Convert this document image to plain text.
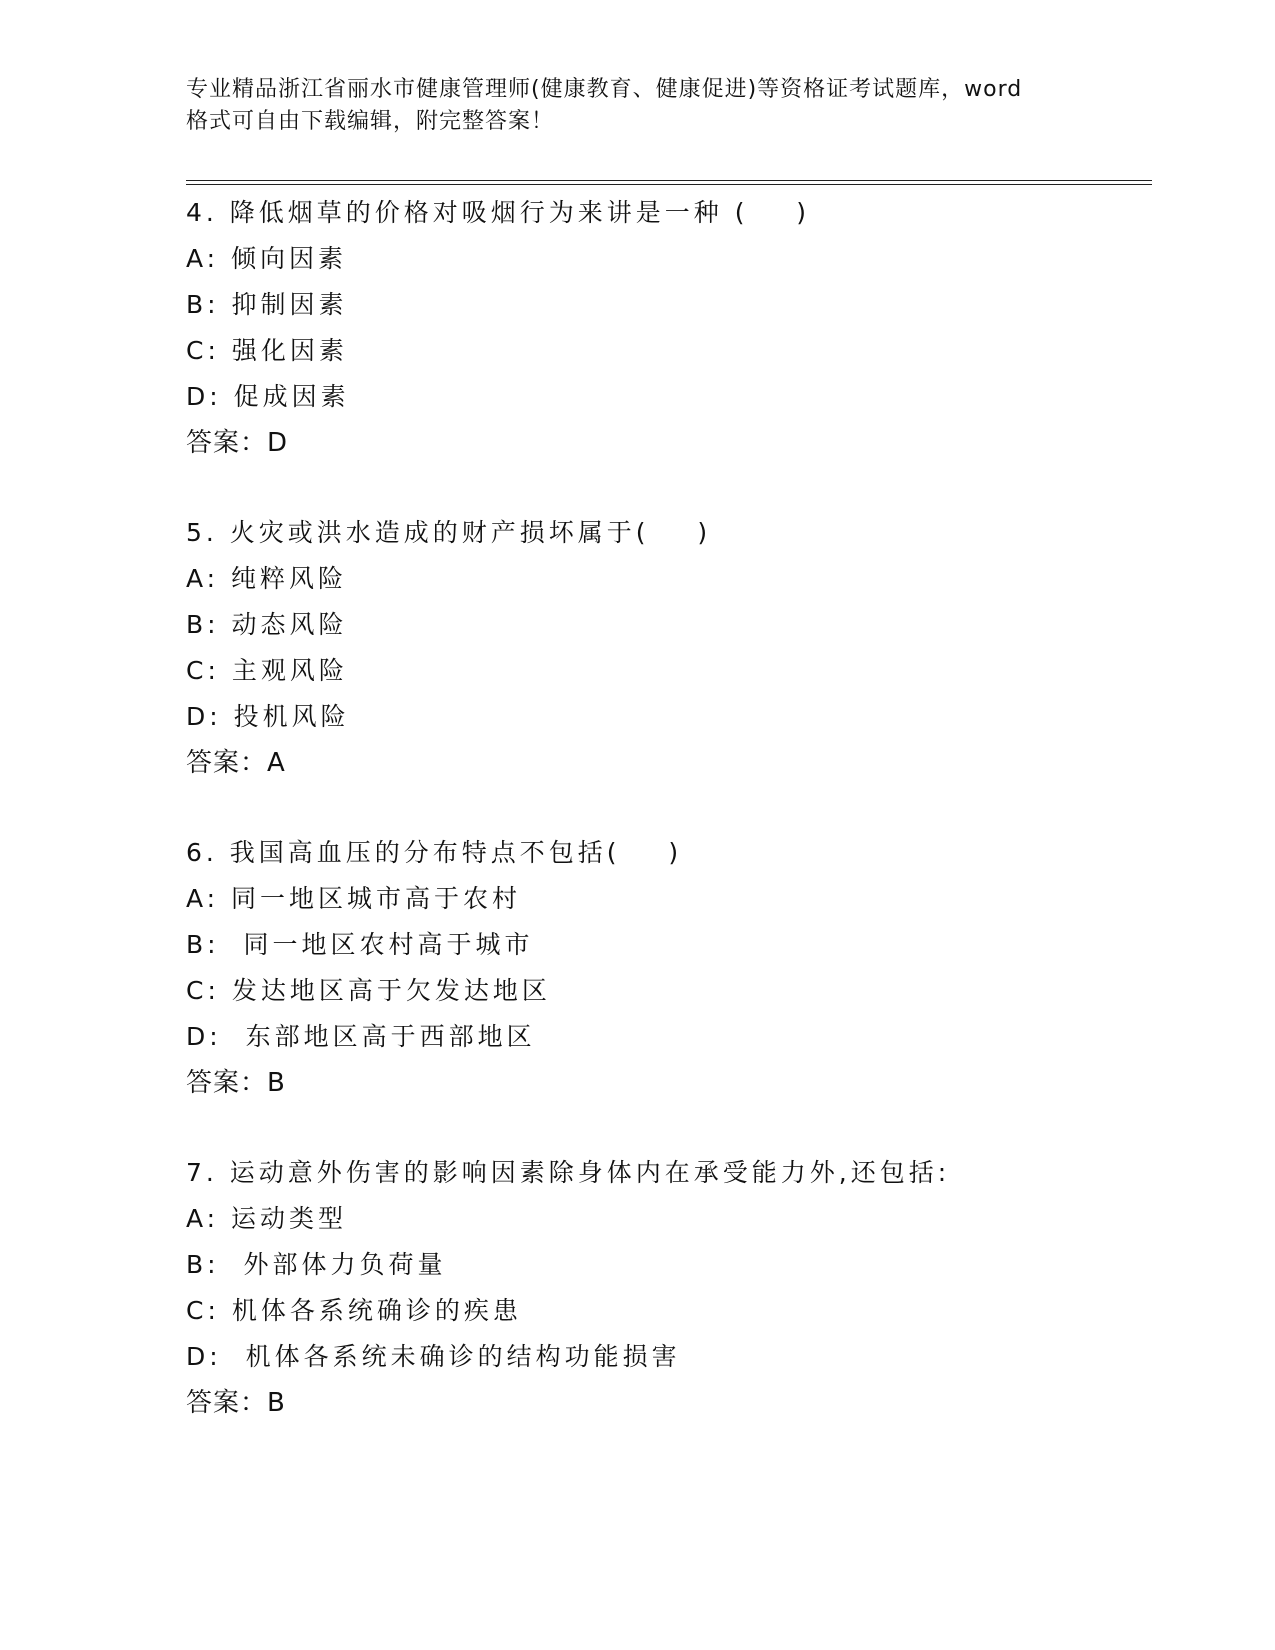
专业精品浙江省丽水市健康管理师(健康教育、健康促进)等资格证考试题库，word
格式可自由下载编辑，附完整答案！
4. 降低烟草的价格对吸烟行为来讲是一种 (    )
A: 倾向因素
B: 抑制因素
C: 强化因素
D: 促成因素
答案：D
5. 火灾或洪水造成的财产损坏属于(    )
A: 纯粹风险
B: 动态风险
C: 主观风险
D: 投机风险
答案：A
6. 我国高血压的分布特点不包括(    )
A: 同一地区城市高于农村
B:  同一地区农村高于城市
C: 发达地区高于欠发达地区
D:  东部地区高于西部地区
答案：B
7. 运动意外伤害的影响因素除身体内在承受能力外,还包括:
A: 运动类型
B:  外部体力负荷量
C: 机体各系统确诊的疾患
D:  机体各系统未确诊的结构功能损害
答案：B
